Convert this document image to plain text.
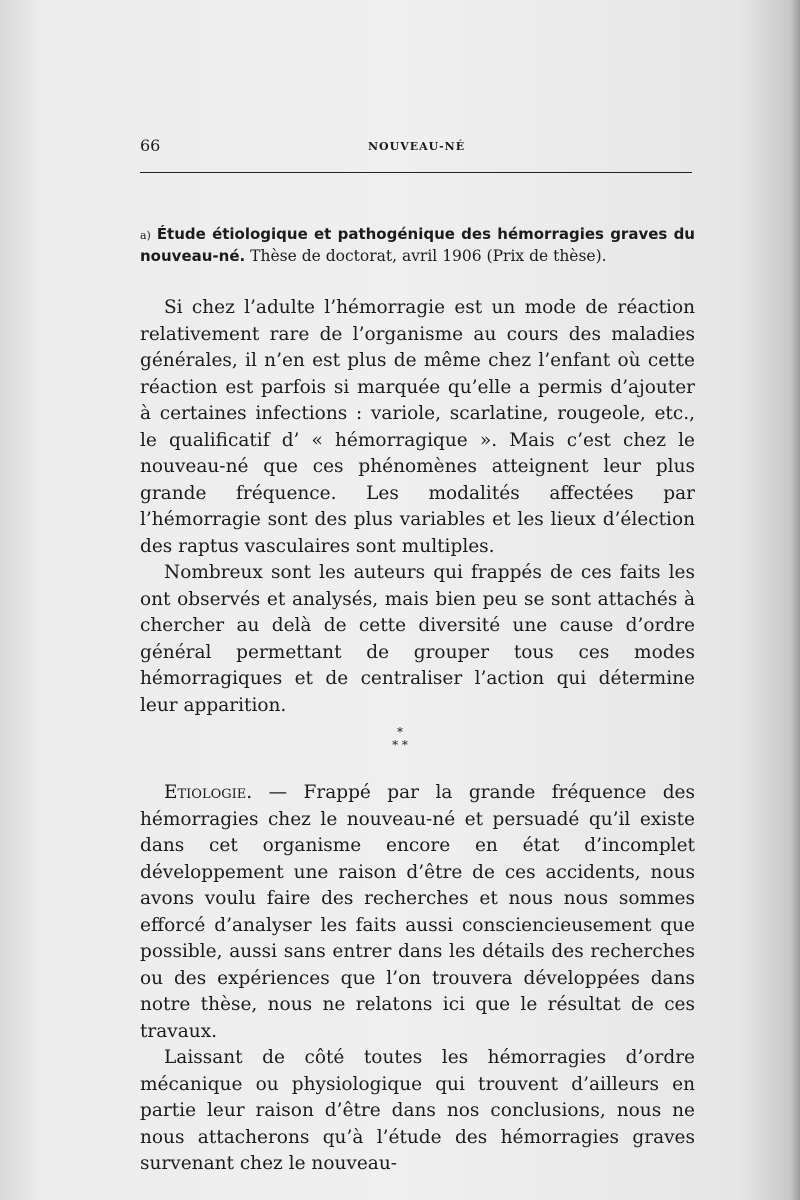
66	NOUVEAU-NÉ

a) Étude étiologique et pathogénique des hémorragies graves du nouveau-né. Thèse de doctorat, avril 1906 (Prix de thèse).

Si chez l’adulte l’hémorragie est un mode de réaction relativement rare de l’organisme au cours des maladies générales, il n’en est plus de même chez l’enfant où cette réaction est parfois si marquée qu’elle a permis d’ajouter à certaines infections : variole, scarlatine, rougeole, etc., le qualificatif d’ « hémorragique ». Mais c’est chez le nouveau-né que ces phénomènes atteignent leur plus grande fréquence. Les modalités affectées par l’hémorragie sont des plus variables et les lieux d’élection des raptus vasculaires sont multiples.

Nombreux sont les auteurs qui frappés de ces faits les ont observés et analysés, mais bien peu se sont attachés à chercher au delà de cette diversité une cause d’ordre général permettant de grouper tous ces modes hémorragiques et de centraliser l’action qui détermine leur apparition.

*
* *

Etiologie. — Frappé par la grande fréquence des hémorragies chez le nouveau-né et persuadé qu’il existe dans cet organisme encore en état d’incomplet développement une raison d’être de ces accidents, nous avons voulu faire des recherches et nous nous sommes efforcé d’analyser les faits aussi consciencieusement que possible, aussi sans entrer dans les détails des recherches ou des expériences que l’on trouvera développées dans notre thèse, nous ne relatons ici que le résultat de ces travaux.

Laissant de côté toutes les hémorragies d’ordre mécanique ou physiologique qui trouvent d’ailleurs en partie leur raison d’être dans nos conclusions, nous ne nous attacherons qu’à l’étude des hémorragies graves survenant chez le nouveau-
